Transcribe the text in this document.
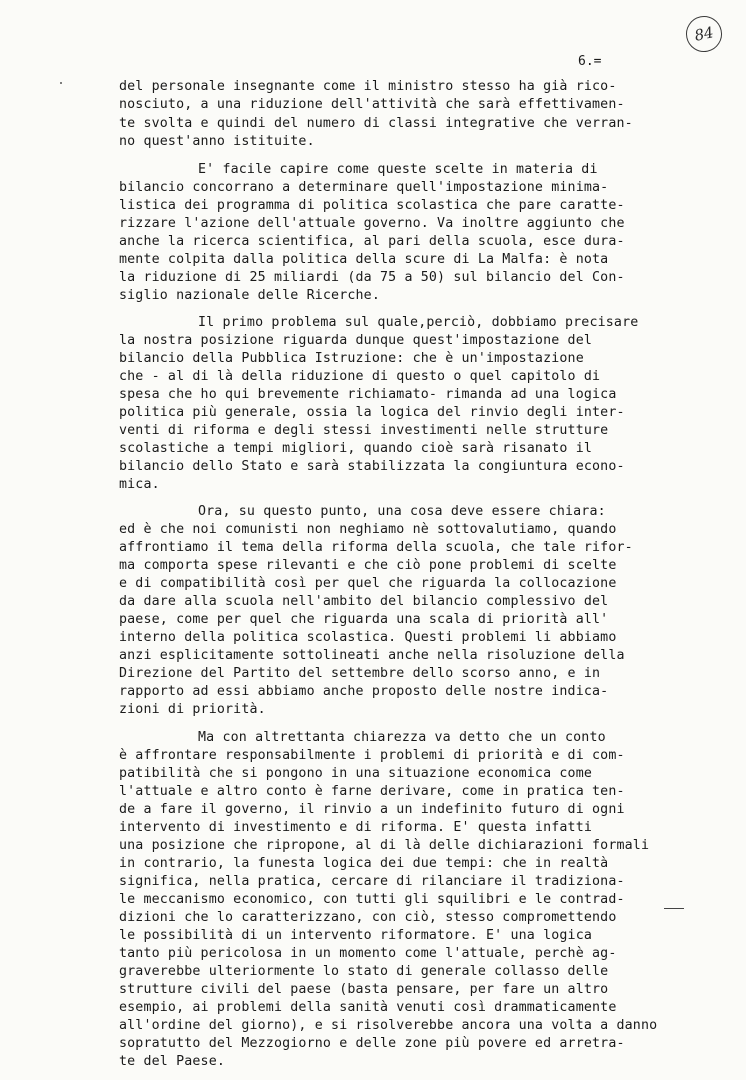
84
6.=
del personale insegnante come il ministro stesso ha già rico-
nosciuto, a una riduzione dell'attività che sarà effettivamen-
te svolta e quindi del numero di classi integrative che verran-
no quest'anno istituite.
E' facile capire come queste scelte in materia di
bilancio concorrano a determinare quell'impostazione minima-
listica dei programma di politica scolastica che pare caratte-
rizzare l'azione dell'attuale governo. Va inoltre aggiunto che
anche la ricerca scientifica, al pari della scuola, esce dura-
mente colpita dalla politica della scure di La Malfa: è nota
la riduzione di 25 miliardi (da 75 a 50) sul bilancio del Con-
siglio nazionale delle Ricerche.
Il primo problema sul quale,perciò, dobbiamo precisare
la nostra posizione riguarda dunque quest'impostazione del
bilancio della Pubblica Istruzione: che è un'impostazione
che - al di là della riduzione di questo o quel capitolo di
spesa che ho qui brevemente richiamato- rimanda ad una logica
politica più generale, ossia la logica del rinvio degli inter-
venti di riforma e degli stessi investimenti nelle strutture
scolastiche a tempi migliori, quando cioè sarà risanato il
bilancio dello Stato e sarà stabilizzata la congiuntura econo-
mica.
Ora, su questo punto, una cosa deve essere chiara:
ed è che noi comunisti non neghiamo nè sottovalutiamo, quando
affrontiamo il tema della riforma della scuola, che tale rifor-
ma comporta spese rilevanti e che ciò pone problemi di scelte
e di compatibilità così per quel che riguarda la collocazione
da dare alla scuola nell'ambito del bilancio complessivo del
paese, come per quel che riguarda una scala di priorità all'
interno della politica scolastica. Questi problemi li abbiamo
anzi esplicitamente sottolineati anche nella risoluzione della
Direzione del Partito del settembre dello scorso anno, e in
rapporto ad essi abbiamo anche proposto delle nostre indica-
zioni di priorità.
Ma con altrettanta chiarezza va detto che un conto
è affrontare responsabilmente i problemi di priorità e di com-
patibilità che si pongono in una situazione economica come
l'attuale e altro conto è farne derivare, come in pratica ten-
de a fare il governo, il rinvio a un indefinito futuro di ogni
intervento di investimento e di riforma. E' questa infatti
una posizione che ripropone, al di là delle dichiarazioni formali
in contrario, la funesta logica dei due tempi: che in realtà
significa, nella pratica, cercare di rilanciare il tradiziona-
le meccanismo economico, con tutti gli squilibri e le contrad-
dizioni che lo caratterizzano, con ciò, stesso compromettendo
le possibilità di un intervento riformatore. E' una logica
tanto più pericolosa in un momento come l'attuale, perchè ag-
graverebbe ulteriormente lo stato di generale collasso delle
strutture civili del paese (basta pensare, per fare un altro
esempio, ai problemi della sanità venuti così drammaticamente
all'ordine del giorno), e si risolverebbe ancora una volta a danno
sopratutto del Mezzogiorno e delle zone più povere ed arretra-
te del Paese.
